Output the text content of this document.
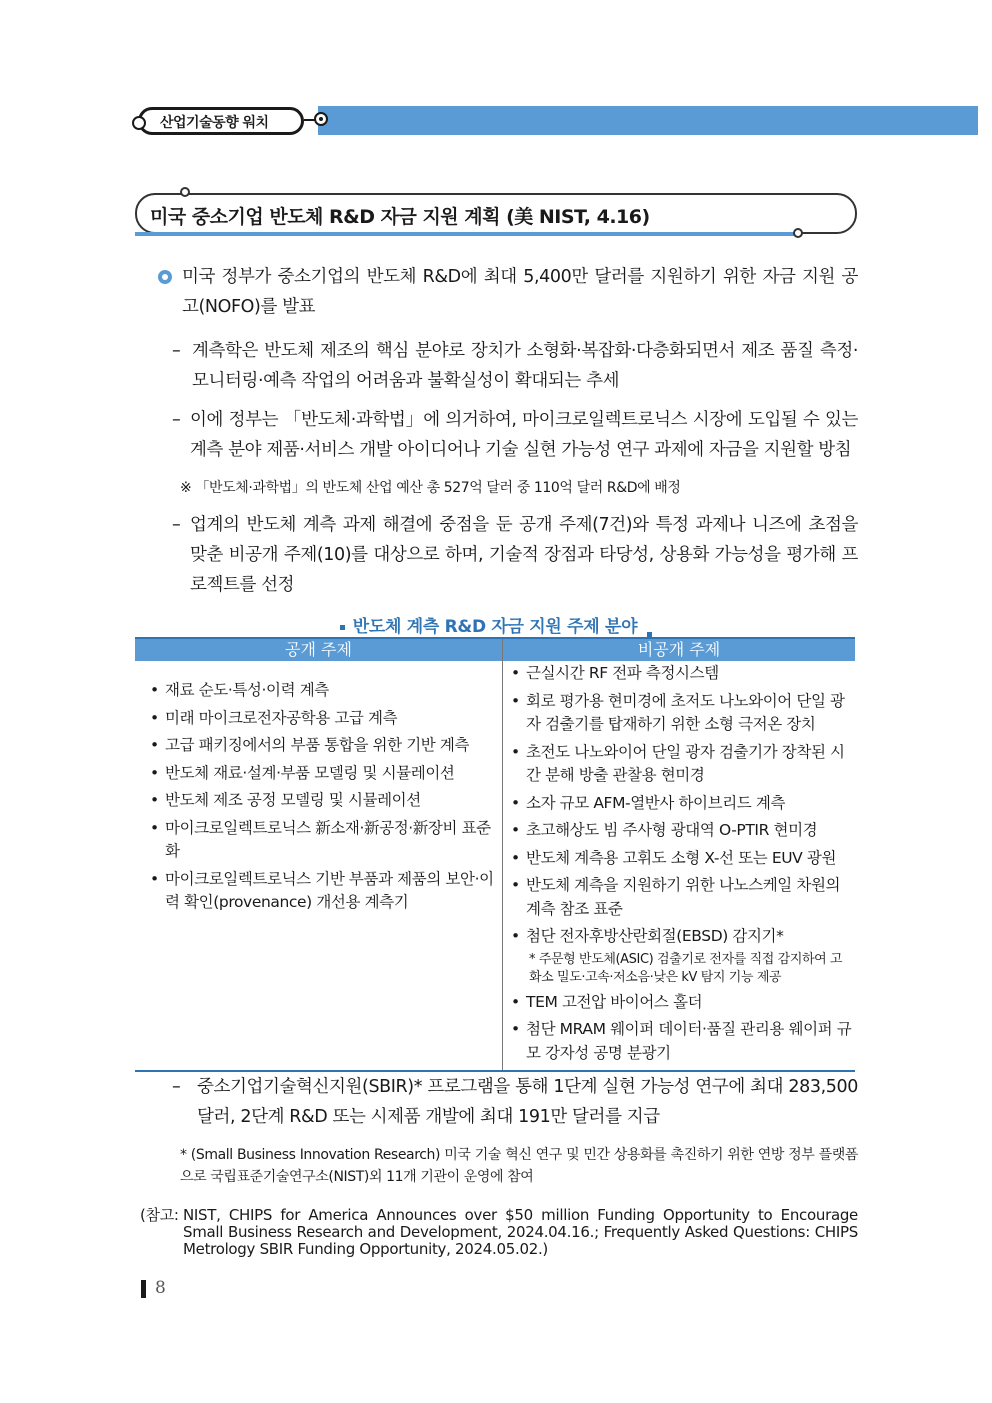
산업기술동향 워치
미국 중소기업 반도체 R&D 자금 지원 계획 (美 NIST, 4.16)
미국 정부가 중소기업의 반도체 R&D에 최대 5,400만 달러를 지원하기 위한 자금 지원 공고(NOFO)를 발표
– 계측학은 반도체 제조의 핵심 분야로 장치가 소형화·복잡화·다층화되면서 제조 품질 측정·모니터링·예측 작업의 어려움과 불확실성이 확대되는 추세
– 이에 정부는 「반도체·과학법」에 의거하여, 마이크로일렉트로닉스 시장에 도입될 수 있는 계측 분야 제품·서비스 개발 아이디어나 기술 실현 가능성 연구 과제에 자금을 지원할 방침
※ 「반도체·과학법」의 반도체 산업 예산 총 527억 달러 중 110억 달러 R&D에 배정
– 업계의 반도체 계측 과제 해결에 중점을 둔 공개 주제(7건)와 특정 과제나 니즈에 초점을 맞춘 비공개 주제(10)를 대상으로 하며, 기술적 장점과 타당성, 상용화 가능성을 평가해 프로젝트를 선정
반도체 계측 R&D 자금 지원 주제 분야
공개 주제	비공개 주제
• 재료 순도·특성·이력 계측
• 미래 마이크로전자공학용 고급 계측
• 고급 패키징에서의 부품 통합을 위한 기반 계측
• 반도체 재료·설계·부품 모델링 및 시뮬레이션
• 반도체 제조 공정 모델링 및 시뮬레이션
• 마이크로일렉트로닉스 新소재·新공정·新장비 표준화
• 마이크로일렉트로닉스 기반 부품과 제품의 보안·이력 확인(provenance) 개선용 계측기
• 근실시간 RF 전파 측정시스템
• 회로 평가용 현미경에 초저도 나노와이어 단일 광자 검출기를 탑재하기 위한 소형 극저온 장치
• 초전도 나노와이어 단일 광자 검출기가 장착된 시간 분해 방출 관찰용 현미경
• 소자 규모 AFM-열반사 하이브리드 계측
• 초고해상도 빔 주사형 광대역 O-PTIR 현미경
• 반도체 계측용 고휘도 소형 X-선 또는 EUV 광원
• 반도체 계측을 지원하기 위한 나노스케일 차원의 계측 참조 표준
• 첨단 전자후방산란회절(EBSD) 감지기*
* 주문형 반도체(ASIC) 검출기로 전자를 직접 감지하여 고화소 밀도·고속·저소음·낮은 kV 탐지 기능 제공
• TEM 고전압 바이어스 홀더
• 첨단 MRAM 웨이퍼 데이터·품질 관리용 웨이퍼 규모 강자성 공명 분광기
– 중소기업기술혁신지원(SBIR)* 프로그램을 통해 1단계 실현 가능성 연구에 최대 283,500달러, 2단계 R&D 또는 시제품 개발에 최대 191만 달러를 지급
* (Small Business Innovation Research) 미국 기술 혁신 연구 및 민간 상용화를 촉진하기 위한 연방 정부 플랫폼으로 국립표준기술연구소(NIST)외 11개 기관이 운영에 참여
(참고: NIST, CHIPS for America Announces over $50 million Funding Opportunity to Encourage Small Business Research and Development, 2024.04.16.; Frequently Asked Questions: CHIPS Metrology SBIR Funding Opportunity, 2024.05.02.)
8
